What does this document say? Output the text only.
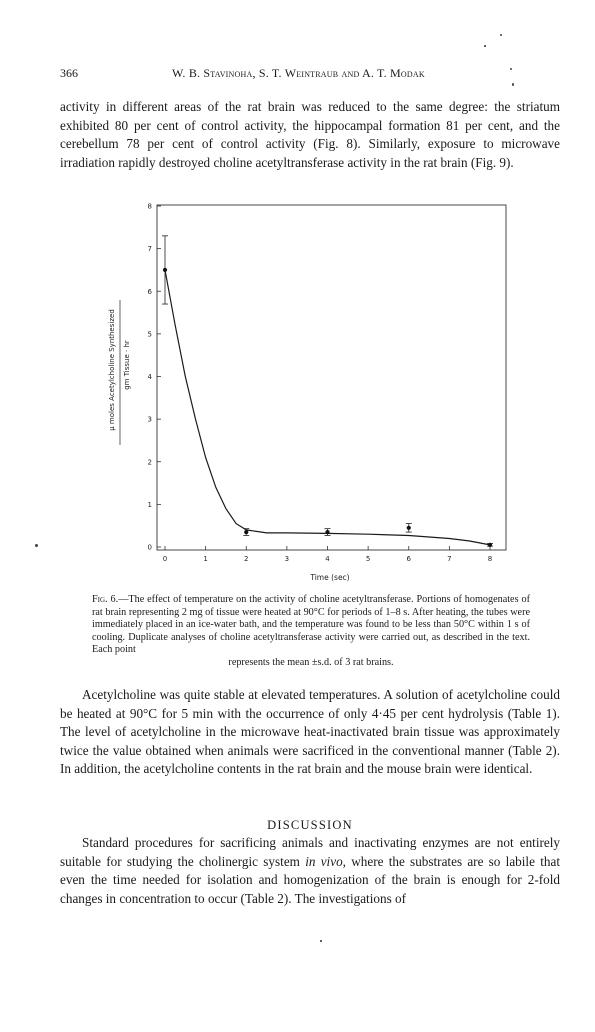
366	W. B. Stavinoha, S. T. Weintraub and A. T. Modak
activity in different areas of the rat brain was reduced to the same degree: the striatum exhibited 80 per cent of control activity, the hippocampal formation 81 per cent, and the cerebellum 78 per cent of control activity (Fig. 8). Similarly, exposure to microwave irradiation rapidly destroyed choline acetyltransferase activity in the rat brain (Fig. 9).
0
1
2
3
4
5
6
7
8
0	1	2	3	4	5	6	7	8
Time (sec)
µ moles Acetylcholine Synthesized gm Tissue · hr
Fig. 6.—The effect of temperature on the activity of choline acetyltransferase. Portions of homogenates of rat brain representing 2 mg of tissue were heated at 90°C for periods of 1–8 s. After heating, the tubes were immediately placed in an ice-water bath, and the temperature was found to be less than 50°C within 1 s of cooling. Duplicate analyses of choline acetyltransferase activity were carried out, as described in the text. Each point
represents the mean ±s.d. of 3 rat brains.
Acetylcholine was quite stable at elevated temperatures. A solution of acetylcholine could be heated at 90°C for 5 min with the occurrence of only 4·45 per cent hydrolysis (Table 1). The level of acetylcholine in the microwave heat-inactivated brain tissue was approximately twice the value obtained when animals were sacrificed in the conventional manner (Table 2). In addition, the acetylcholine contents in the rat brain and the mouse brain were identical.
DISCUSSION
Standard procedures for sacrificing animals and inactivating enzymes are not entirely suitable for studying the cholinergic system in vivo, where the substrates are so labile that even the time needed for isolation and homogenization of the brain is enough for 2-fold changes in concentration to occur (Table 2). The investigations of
